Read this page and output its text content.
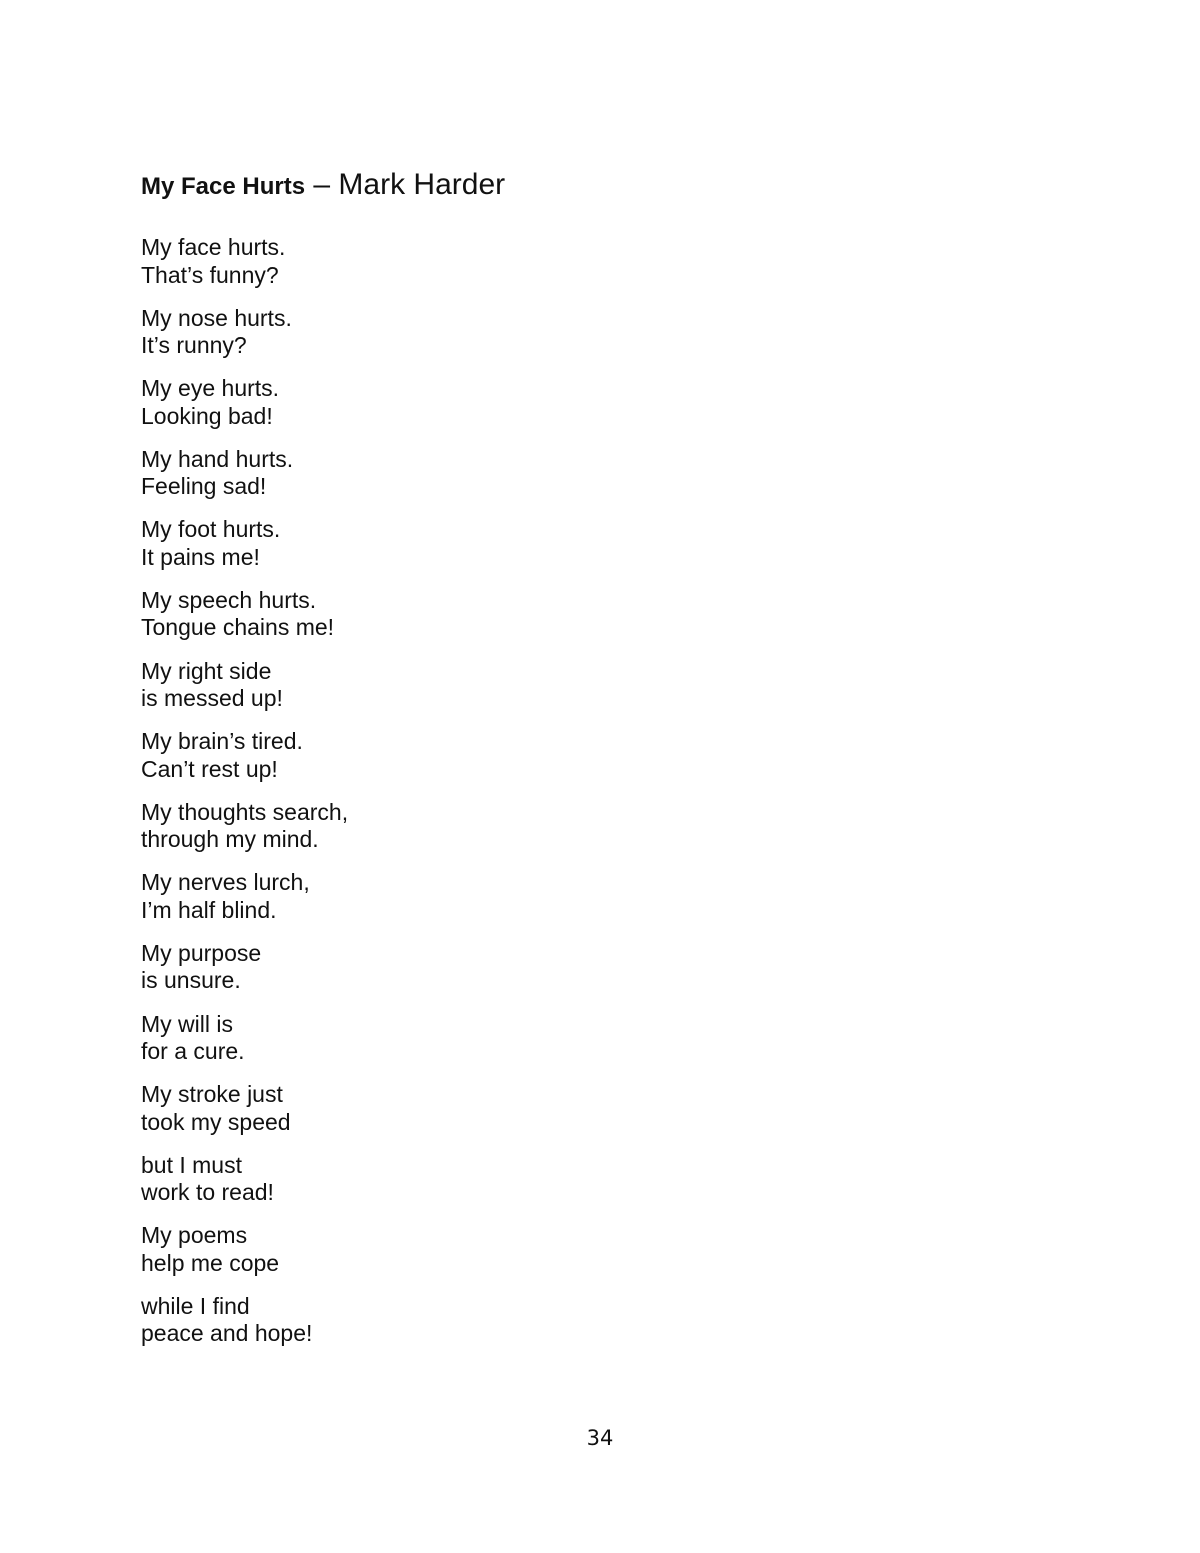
My Face Hurts – Mark Harder
My face hurts.
That’s funny?
My nose hurts.
It’s runny?
My eye hurts.
Looking bad!
My hand hurts.
Feeling sad!
My foot hurts.
It pains me!
My speech hurts.
Tongue chains me!
My right side
is messed up!
My brain’s tired.
Can’t rest up!
My thoughts search,
through my mind.
My nerves lurch,
I’m half blind.
My purpose
is unsure.
My will is
for a cure.
My stroke just
took my speed
but I must
work to read!
My poems
help me cope
while I find
peace and hope!
34
